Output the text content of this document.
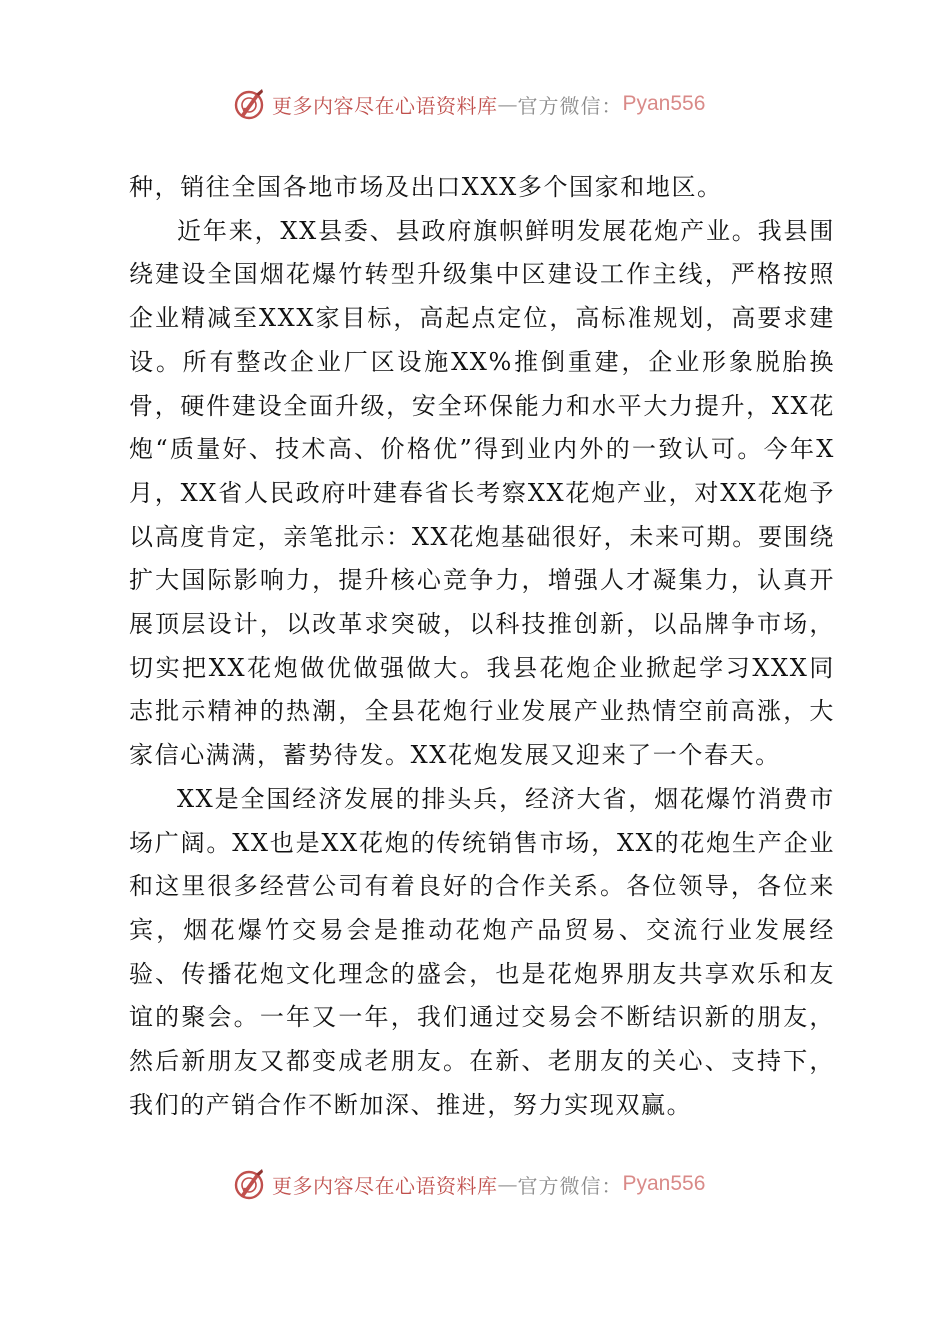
更多内容尽在心语资料库 — 官方微信： Pyan556

种，销往全国各地市场及出口XXX多个国家和地区。

近年来，XX县委、县政府旗帜鲜明发展花炮产业。我县围绕建设全国烟花爆竹转型升级集中区建设工作主线，严格按照企业精减至XXX家目标，高起点定位，高标准规划，高要求建设。所有整改企业厂区设施XX%推倒重建，企业形象脱胎换骨，硬件建设全面升级，安全环保能力和水平大力提升，XX花炮“质量好、技术高、价格优”得到业内外的一致认可。今年X月，XX省人民政府叶建春省长考察XX花炮产业，对XX花炮予以高度肯定，亲笔批示：XX花炮基础很好，未来可期。要围绕扩大国际影响力，提升核心竞争力，增强人才凝集力，认真开展顶层设计，以改革求突破，以科技推创新，以品牌争市场，切实把XX花炮做优做强做大。我县花炮企业掀起学习XXX同志批示精神的热潮，全县花炮行业发展产业热情空前高涨，大家信心满满，蓄势待发。XX花炮发展又迎来了一个春天。

XX是全国经济发展的排头兵，经济大省，烟花爆竹消费市场广阔。XX也是XX花炮的传统销售市场，XX的花炮生产企业和这里很多经营公司有着良好的合作关系。各位领导，各位来宾，烟花爆竹交易会是推动花炮产品贸易、交流行业发展经验、传播花炮文化理念的盛会，也是花炮界朋友共享欢乐和友谊的聚会。一年又一年，我们通过交易会不断结识新的朋友，然后新朋友又都变成老朋友。在新、老朋友的关心、支持下，我们的产销合作不断加深、推进，努力实现双赢。

更多内容尽在心语资料库 — 官方微信： Pyan556
